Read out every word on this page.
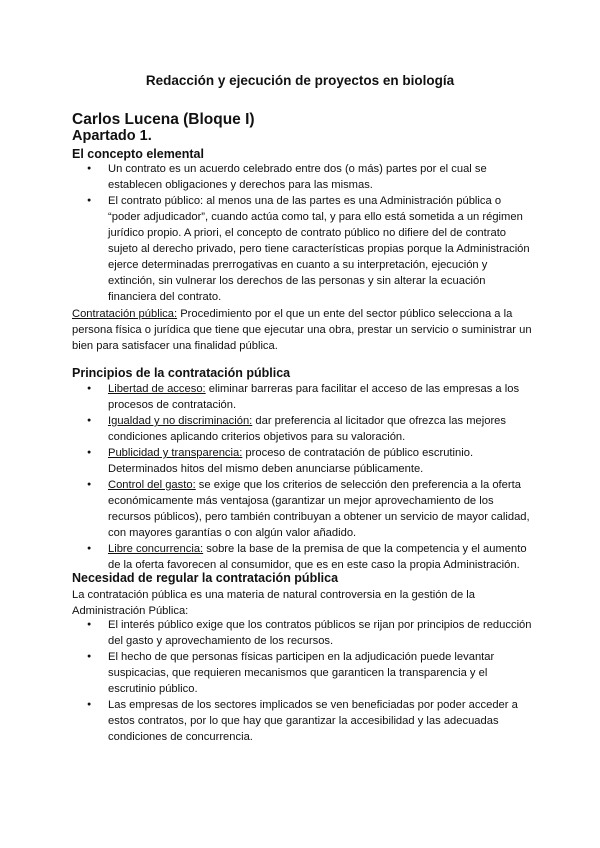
Redacción y ejecución de proyectos en biología
Carlos Lucena (Bloque I)
Apartado 1.
El concepto elemental
● Un contrato es un acuerdo celebrado entre dos (o más) partes por el cual se establecen obligaciones y derechos para las mismas.
● El contrato público: al menos una de las partes es una Administración pública o “poder adjudicador”, cuando actúa como tal, y para ello está sometida a un régimen jurídico propio. A priori, el concepto de contrato público no difiere del de contrato sujeto al derecho privado, pero tiene características propias porque la Administración ejerce determinadas prerrogativas en cuanto a su interpretación, ejecución y extinción, sin vulnerar los derechos de las personas y sin alterar la ecuación financiera del contrato.

Contratación pública: Procedimiento por el que un ente del sector público selecciona a la persona física o jurídica que tiene que ejecutar una obra, prestar un servicio o suministrar un bien para satisfacer una finalidad pública.

Principios de la contratación pública
● Libertad de acceso: eliminar barreras para facilitar el acceso de las empresas a los procesos de contratación.
● Igualdad y no discriminación: dar preferencia al licitador que ofrezca las mejores condiciones aplicando criterios objetivos para su valoración.
● Publicidad y transparencia: proceso de contratación de público escrutinio. Determinados hitos del mismo deben anunciarse públicamente.
● Control del gasto: se exige que los criterios de selección den preferencia a la oferta económicamente más ventajosa (garantizar un mejor aprovechamiento de los recursos públicos), pero también contribuyan a obtener un servicio de mayor calidad, con mayores garantías o con algún valor añadido.
● Libre concurrencia: sobre la base de la premisa de que la competencia y el aumento de la oferta favorecen al consumidor, que es en este caso la propia Administración.
Necesidad de regular la contratación pública

La contratación pública es una materia de natural controversia en la gestión de la Administración Pública:

● El interés público exige que los contratos públicos se rijan por principios de reducción del gasto y aprovechamiento de los recursos.
● El hecho de que personas físicas participen en la adjudicación puede levantar suspicacias, que requieren mecanismos que garanticen la transparencia y el escrutinio público.
● Las empresas de los sectores implicados se ven beneficiadas por poder acceder a estos contratos, por lo que hay que garantizar la accesibilidad y las adecuadas condiciones de concurrencia.
